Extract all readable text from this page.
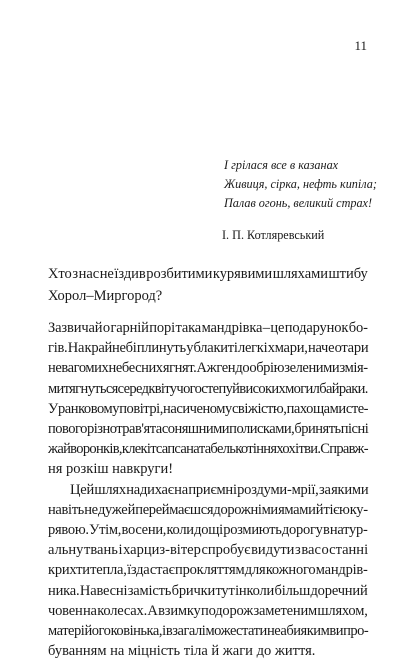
11
І грілася все в казанах
Живиця, сірка, нефть кипіла;
Палав огонь, великий страх!
І. П. Котляревський
Хто з нас не їздив розбитими курявими шляхами штибу
Хорол–Миргород?
Зазвичай о гарній порі така мандрівка – це подарунок бо-
гів. На крайнебі плинуть у блакиті легкі хмари, наче отари
невагомих небесних ягнят. Аж ген до обрію зеленими змія-
ми тягнуться серед квітучого степу й високих могил байраки.
У ранковому повітрі, насиченому свіжістю, пахощами сте-
пового різнотрав'я та соняшними полисками, бринять пісні
жайворонків, клекіт сапсана та белькотіння хохітви. Справж-
ня розкіш навкруги!
Цей шлях надихає на приємні роздуми-мрії, за якими
навіть не дуже й переймаєшся дорожніми ямами й тією ку-
рявою. Утім, восени, коли дощі розмиють дорогу в натур-
альну твань і харциз-вітер спробує видути з вас останні
крихти тепла, їзда стає прокляттям для кожного мандрів-
ника. Навесні замість брички тут інколи більш доречний
човен на колесах. А взимку подорож заметеним шляхом,
матері його ковінька, і взагалі може стати неабияким випро-
буванням на міцність тіла й жаги до життя.
